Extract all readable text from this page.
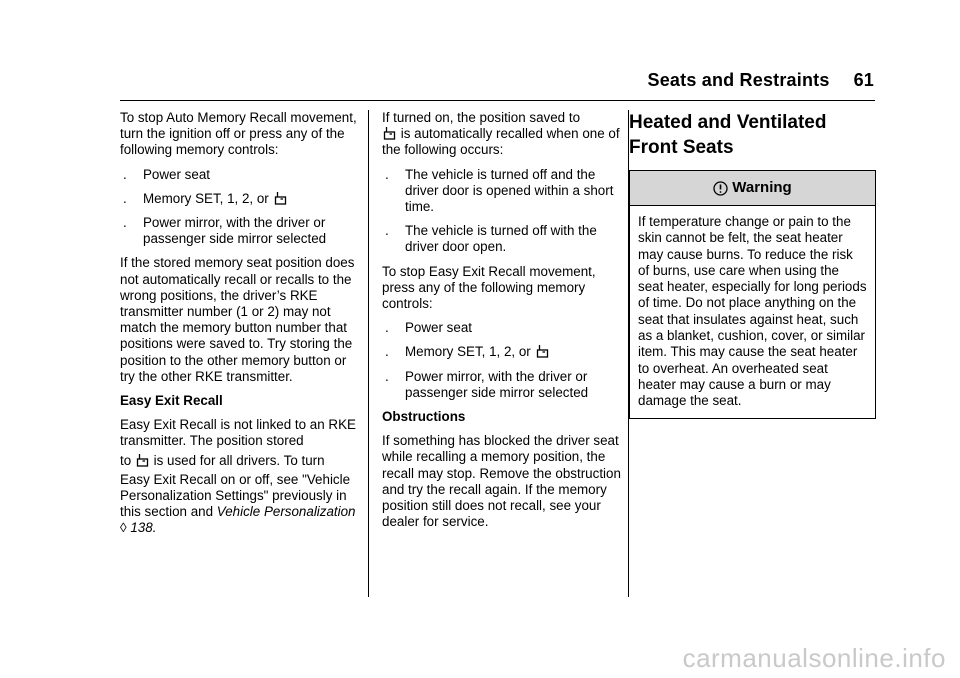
Seats and Restraints 61

To stop Auto Memory Recall movement, turn the ignition off or press any of the following memory controls:

. Power seat
. Memory SET, 1, 2, or
. Power mirror, with the driver or passenger side mirror selected

If the stored memory seat position does not automatically recall or recalls to the wrong positions, the driver’s RKE transmitter number (1 or 2) may not match the memory button number that positions were saved to. Try storing the position to the other memory button or try the other RKE transmitter.

Easy Exit Recall

Easy Exit Recall is not linked to an RKE transmitter. The position stored

to is used for all drivers. To turn

Easy Exit Recall on or off, see "Vehicle Personalization Settings" previously in this section and Vehicle Personalization ◊ 138.

If turned on, the position saved to
is automatically recalled when one of the following occurs:

. The vehicle is turned off and the driver door is opened within a short time.
. The vehicle is turned off with the driver door open.

To stop Easy Exit Recall movement, press any of the following memory controls:

. Power seat
. Memory SET, 1, 2, or
. Power mirror, with the driver or passenger side mirror selected

Obstructions

If something has blocked the driver seat while recalling a memory position, the recall may stop. Remove the obstruction and try the recall again. If the memory position still does not recall, see your dealer for service.

Heated and Ventilated Front Seats
Warning
If temperature change or pain to the skin cannot be felt, the seat heater may cause burns. To reduce the risk of burns, use care when using the seat heater, especially for long periods of time. Do not place anything on the seat that insulates against heat, such as a blanket, cushion, cover, or similar item. This may cause the seat heater to overheat. An overheated seat heater may cause a burn or may damage the seat.
carmanualsonline.info
